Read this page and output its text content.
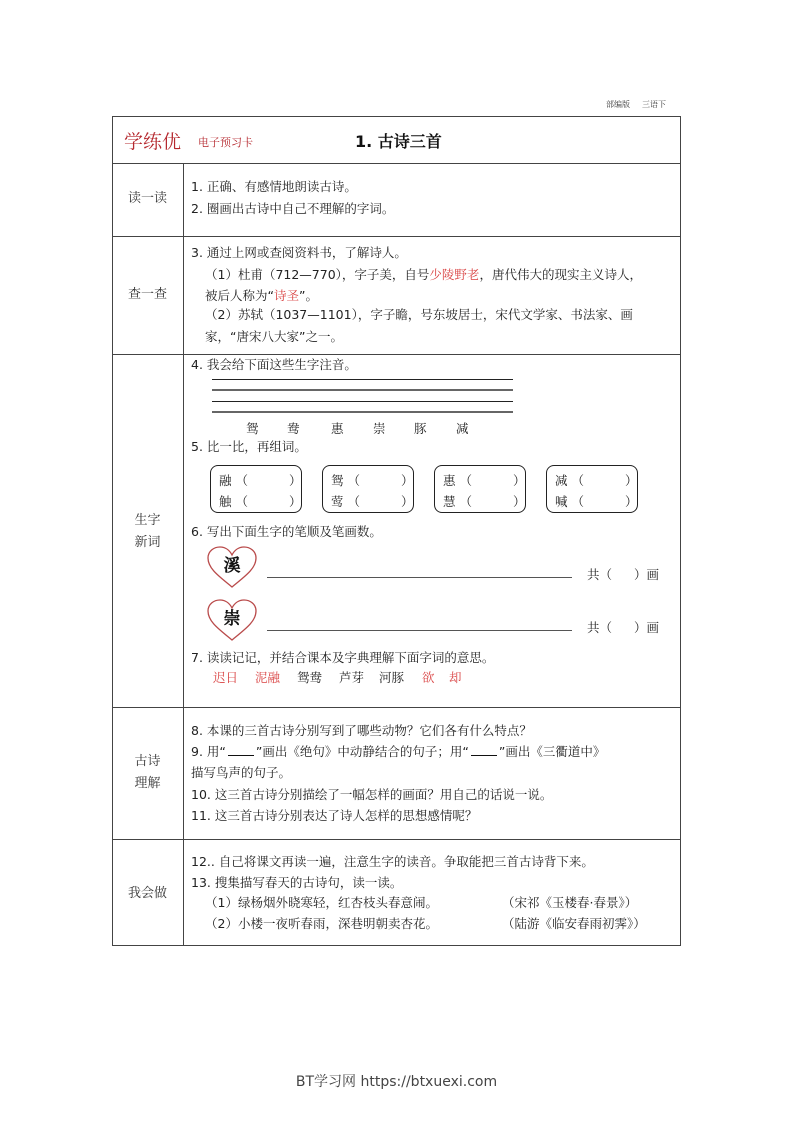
部编版 三语下
学练优 电子预习卡	1. 古诗三首
读一读
1. 正确、有感情地朗读古诗。
2. 圈画出古诗中自己不理解的字词。
查一查
3. 通过上网或查阅资料书，了解诗人。
（1）杜甫（712—770），字子美，自号少陵野老，唐代伟大的现实主义诗人，
被后人称为“诗圣”。
（2）苏轼（1037—1101），字子瞻，号东坡居士，宋代文学家、书法家、画
家，“唐宋八大家”之一。
生字
新词
4. 我会给下面这些生字注音。
鸳 鸯	惠 崇 豚 减
5. 比一比，再组词。
融 （	）
触 （	）
鸳 （	）
莺 （	）
惠 （	）
慧 （	）
减 （	）
喊 （	）
6. 写出下面生字的笔顺及笔画数。
溪	共（ ）画
崇	共（ ）画
7. 读读记记，并结合课本及字典理解下面字词的意思。
迟日 泥融 鸳鸯 芦芽 河豚 欲 却
古诗
理解
8. 本课的三首古诗分别写到了哪些动物？它们各有什么特点？
9. 用“ ”画出《绝句》中动静结合的句子；用“ ”画出《三衢道中》
描写鸟声的句子。
10. 这三首古诗分别描绘了一幅怎样的画面？用自己的话说一说。
11. 这三首古诗分别表达了诗人怎样的思想感情呢？
我会做
12.. 自己将课文再读一遍，注意生字的读音。争取能把三首古诗背下来。
13. 搜集描写春天的古诗句，读一读。
（1）绿杨烟外晓寒轻，红杏枝头春意闹。	（宋祁《玉楼春·春景》）
（2）小楼一夜听春雨，深巷明朝卖杏花。	（陆游《临安春雨初霁》）
BT学习网 https://btxuexi.com
